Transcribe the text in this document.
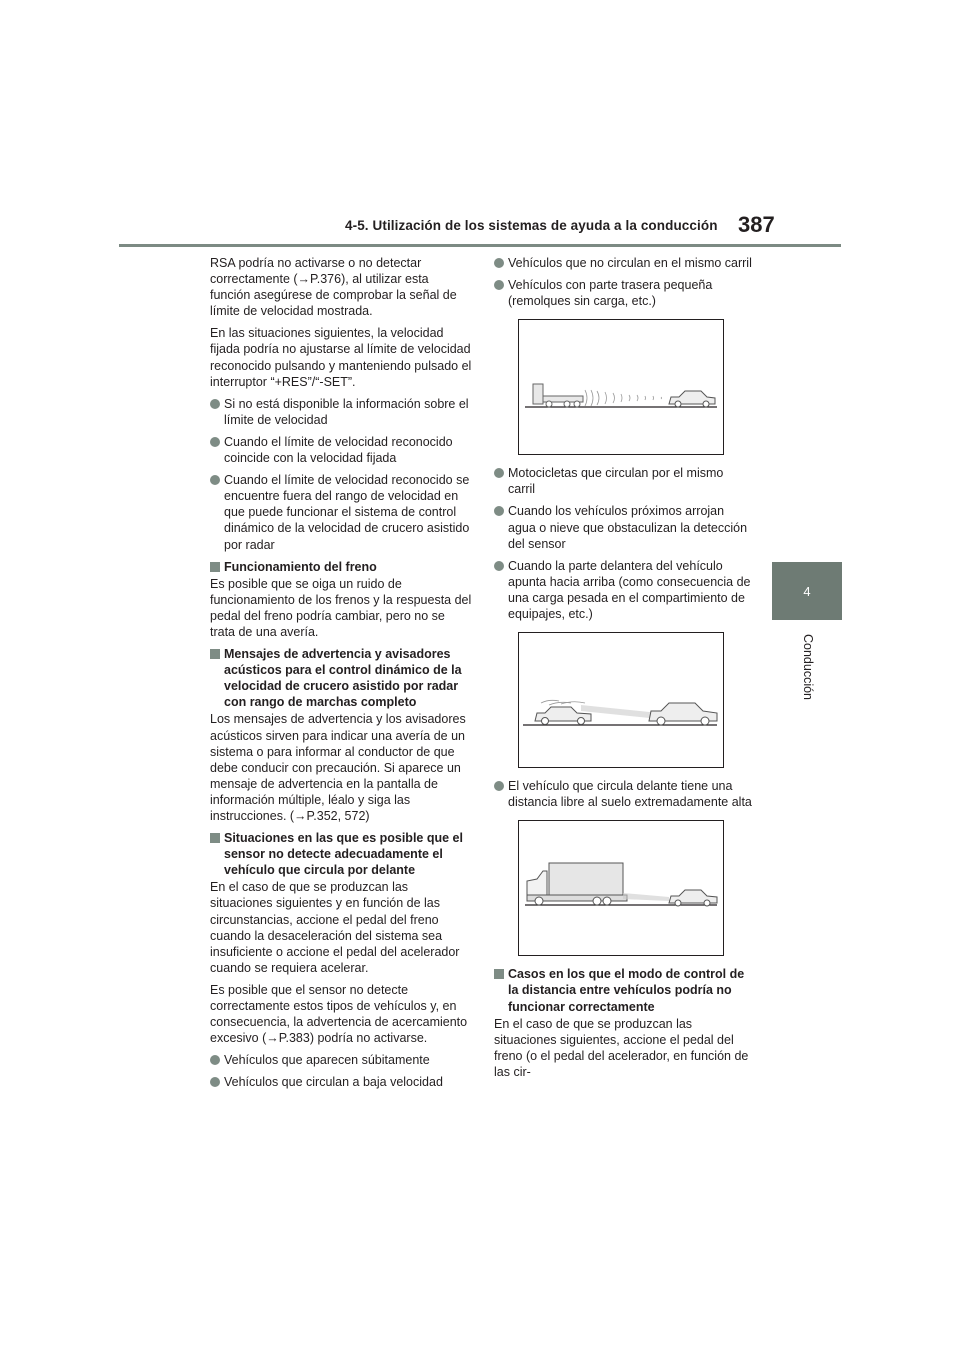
4-5. Utilización de los sistemas de ayuda a la conducción 387
4
Conducción

RSA podría no activarse o no detectar correctamente (→P.376), al utilizar esta función asegúrese de comprobar la señal de límite de velocidad mostrada.

En las situaciones siguientes, la velocidad fijada podría no ajustarse al límite de velocidad reconocido pulsando y manteniendo pulsado el interruptor “+RES”/“-SET”.

Si no está disponible la información sobre el límite de velocidad
Cuando el límite de velocidad reconocido coincide con la velocidad fijada
Cuando el límite de velocidad reconocido se encuentre fuera del rango de velocidad en que puede funcionar el sistema de control dinámico de la velocidad de crucero asistido por radar
Funcionamiento del freno

Es posible que se oiga un ruido de funcionamiento de los frenos y la respuesta del pedal del freno podría cambiar, pero no se trata de una avería.

Mensajes de advertencia y avisadores acústicos para el control dinámico de la velocidad de crucero asistido por radar con rango de marchas completo

Los mensajes de advertencia y los avisadores acústicos sirven para indicar una avería de un sistema o para informar al conductor de que debe conducir con precaución. Si aparece un mensaje de advertencia en la pantalla de información múltiple, léalo y siga las instrucciones. (→P.352, 572)

Situaciones en las que es posible que el sensor no detecte adecuadamente el vehículo que circula por delante

En el caso de que se produzcan las situaciones siguientes y en función de las circunstancias, accione el pedal del freno cuando la desaceleración del sistema sea insuficiente o accione el pedal del acelerador cuando se requiera acelerar.

Es posible que el sensor no detecte correctamente estos tipos de vehículos y, en consecuencia, la advertencia de acercamiento excesivo (→P.383) podría no activarse.

Vehículos que aparecen súbitamente
Vehículos que circulan a baja velocidad
Vehículos que no circulan en el mismo carril
Vehículos con parte trasera pequeña (remolques sin carga, etc.)
Motocicletas que circulan por el mismo carril
Cuando los vehículos próximos arrojan agua o nieve que obstaculizan la detección del sensor
Cuando la parte delantera del vehículo apunta hacia arriba (como consecuencia de una carga pesada en el compartimiento de equipajes, etc.)
El vehículo que circula delante tiene una distancia libre al suelo extremadamente alta
Casos en los que el modo de control de la distancia entre vehículos podría no funcionar correctamente

En el caso de que se produzcan las situaciones siguientes, accione el pedal del freno (o el pedal del acelerador, en función de las cir-
